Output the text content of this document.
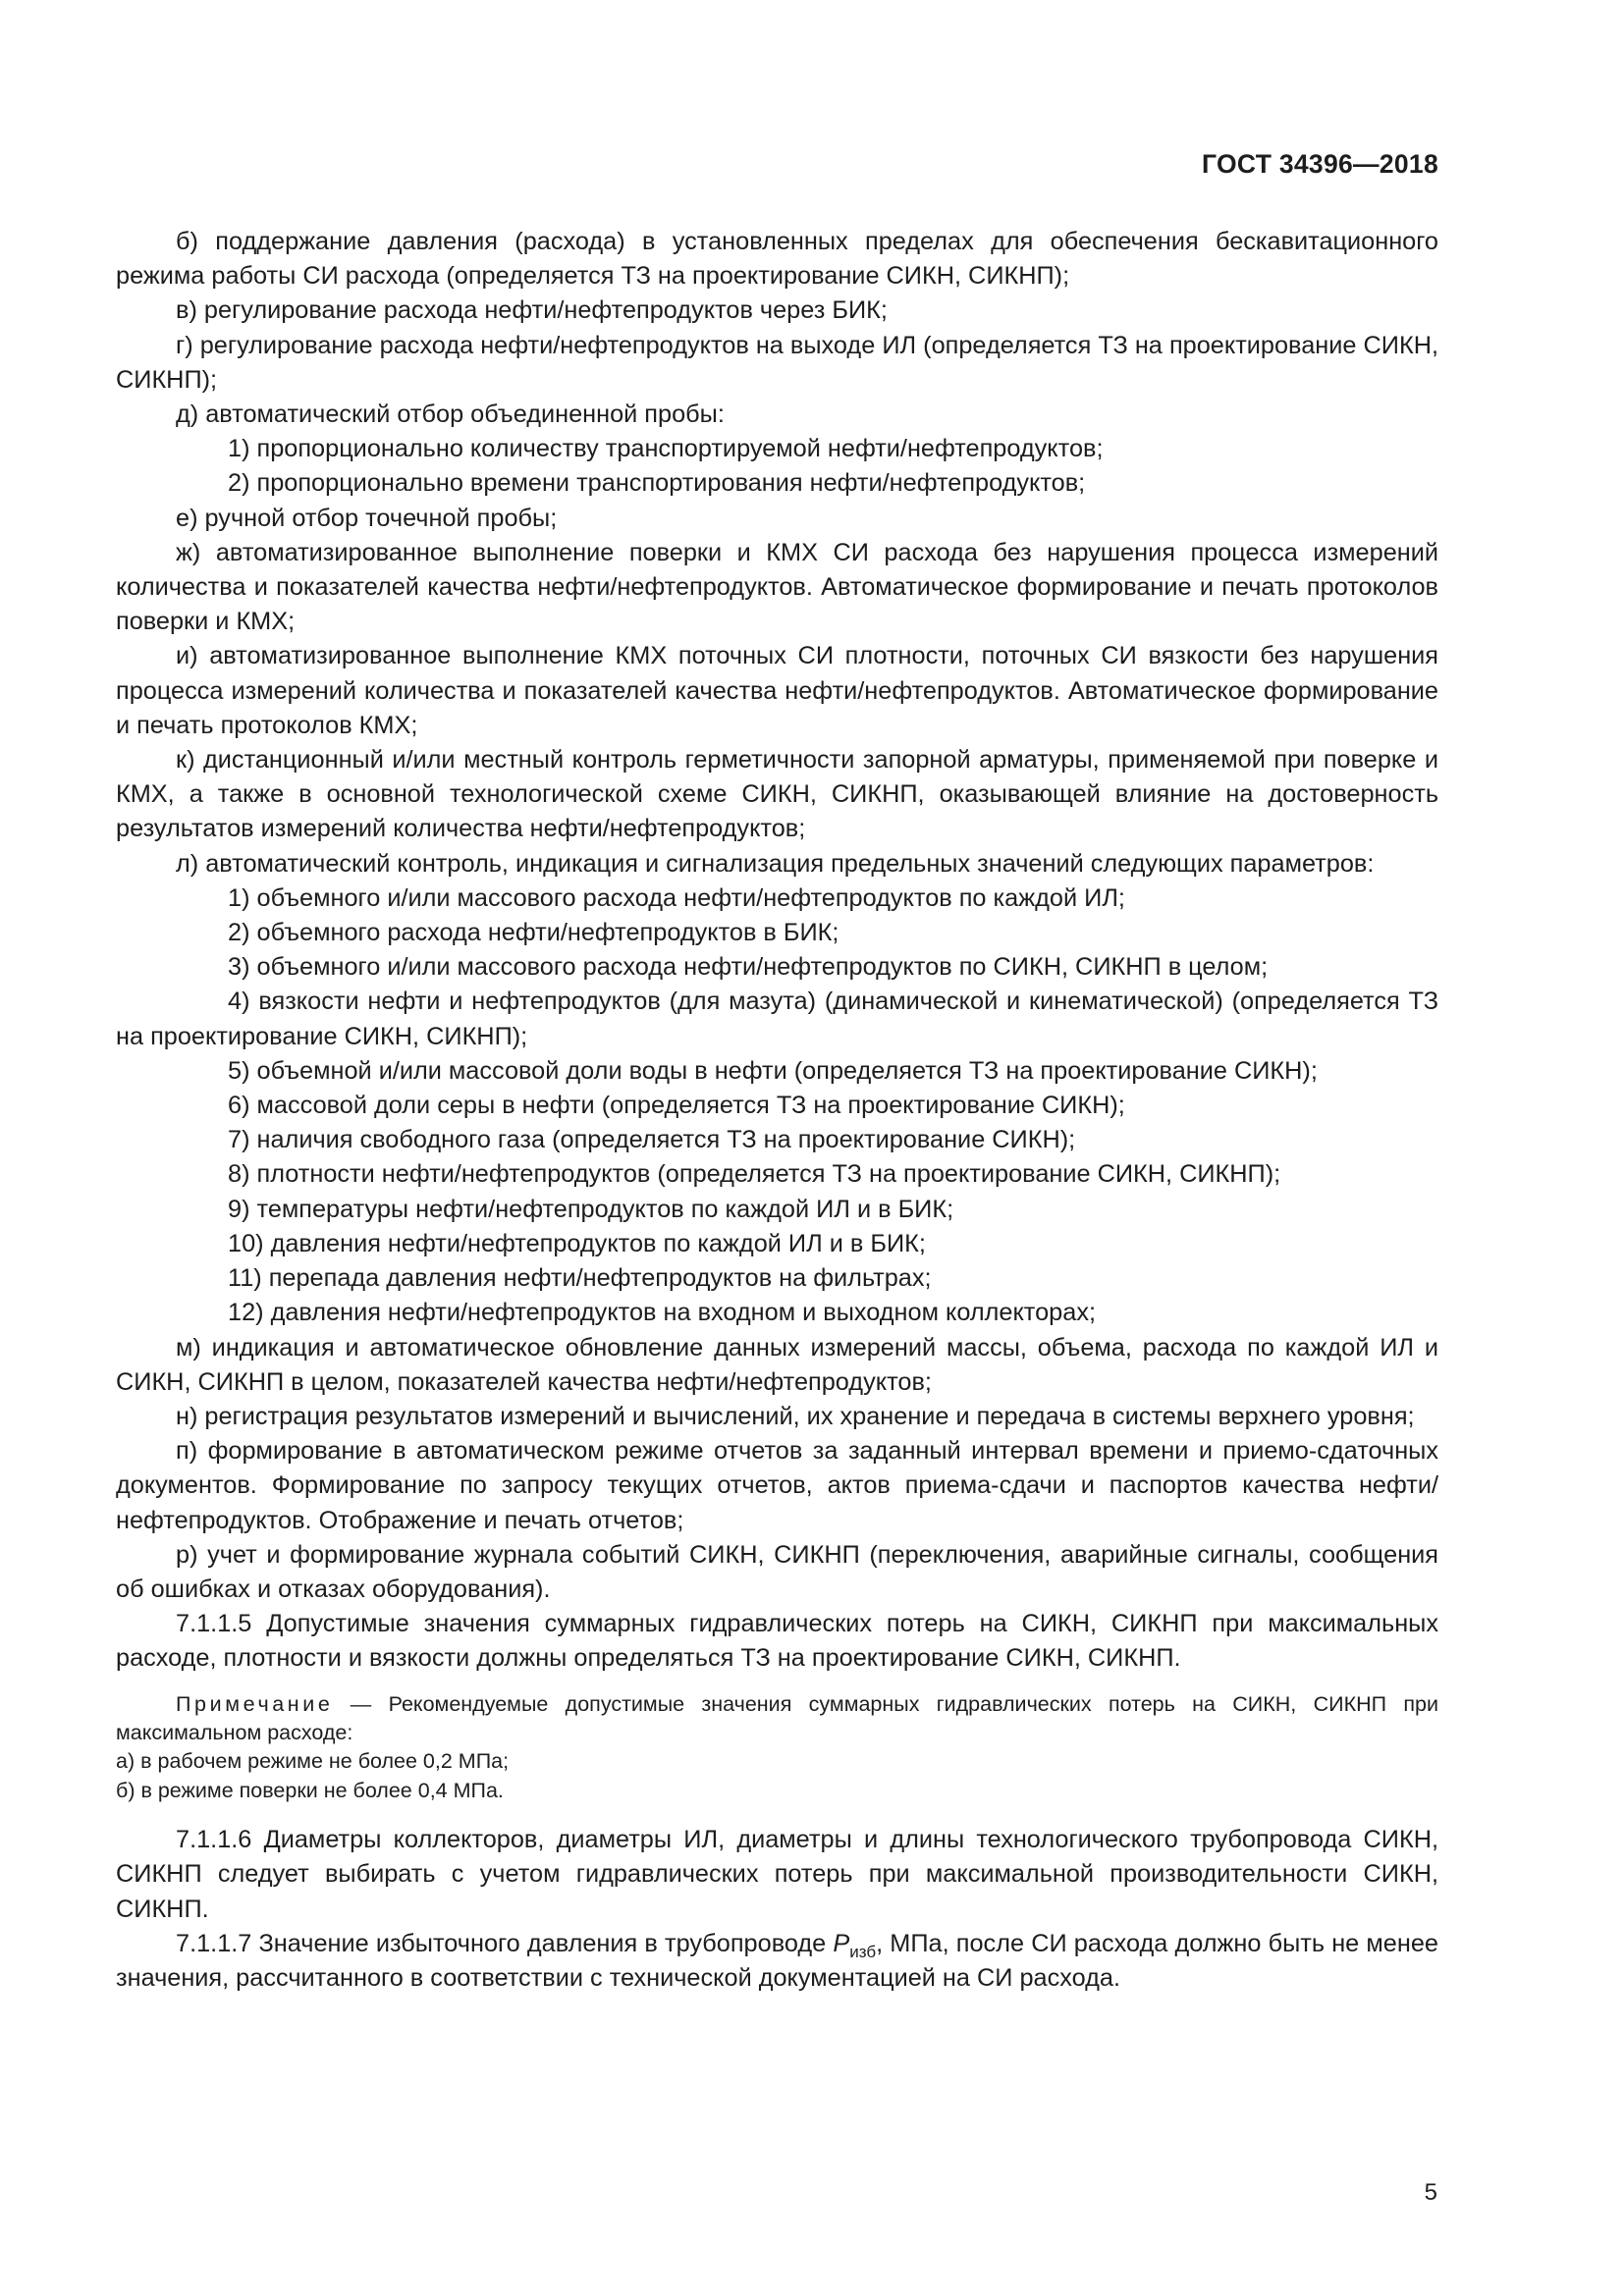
ГОСТ 34396—2018

б) поддержание давления (расхода) в установленных пределах для обеспечения бескавитационного режима работы СИ расхода (определяется ТЗ на проектирование СИКН, СИКНП);

в) регулирование расхода нефти/нефтепродуктов через БИК;

г) регулирование расхода нефти/нефтепродуктов на выходе ИЛ (определяется ТЗ на проектирование СИКН, СИКНП);

д) автоматический отбор объединенной пробы:

1) пропорционально количеству транспортируемой нефти/нефтепродуктов;

2) пропорционально времени транспортирования нефти/нефтепродуктов;

е) ручной отбор точечной пробы;

ж) автоматизированное выполнение поверки и КМХ СИ расхода без нарушения процесса измерений количества и показателей качества нефти/нефтепродуктов. Автоматическое формирование и печать протоколов поверки и КМХ;

и) автоматизированное выполнение КМХ поточных СИ плотности, поточных СИ вязкости без нарушения процесса измерений количества и показателей качества нефти/нефтепродуктов. Автоматическое формирование и печать протоколов КМХ;

к) дистанционный и/или местный контроль герметичности запорной арматуры, применяемой при поверке и КМХ, а также в основной технологической схеме СИКН, СИКНП, оказывающей влияние на достоверность результатов измерений количества нефти/нефтепродуктов;

л) автоматический контроль, индикация и сигнализация предельных значений следующих параметров:

1) объемного и/или массового расхода нефти/нефтепродуктов по каждой ИЛ;

2) объемного расхода нефти/нефтепродуктов в БИК;

3) объемного и/или массового расхода нефти/нефтепродуктов по СИКН, СИКНП в целом;

4) вязкости нефти и нефтепродуктов (для мазута) (динамической и кинематической) (определяется ТЗ на проектирование СИКН, СИКНП);

5) объемной и/или массовой доли воды в нефти (определяется ТЗ на проектирование СИКН);

6) массовой доли серы в нефти (определяется ТЗ на проектирование СИКН);

7) наличия свободного газа (определяется ТЗ на проектирование СИКН);

8) плотности нефти/нефтепродуктов (определяется ТЗ на проектирование СИКН, СИКНП);

9) температуры нефти/нефтепродуктов по каждой ИЛ и в БИК;

10) давления нефти/нефтепродуктов по каждой ИЛ и в БИК;

11) перепада давления нефти/нефтепродуктов на фильтрах;

12) давления нефти/нефтепродуктов на входном и выходном коллекторах;

м) индикация и автоматическое обновление данных измерений массы, объема, расхода по каждой ИЛ и СИКН, СИКНП в целом, показателей качества нефти/нефтепродуктов;

н) регистрация результатов измерений и вычислений, их хранение и передача в системы верхнего уровня;

п) формирование в автоматическом режиме отчетов за заданный интервал времени и приемо-сдаточных документов. Формирование по запросу текущих отчетов, актов приема-сдачи и паспортов качества нефти/нефтепродуктов. Отображение и печать отчетов;

р) учет и формирование журнала событий СИКН, СИКНП (переключения, аварийные сигналы, сообщения об ошибках и отказах оборудования).

7.1.1.5 Допустимые значения суммарных гидравлических потерь на СИКН, СИКНП при максимальных расходе, плотности и вязкости должны определяться ТЗ на проектирование СИКН, СИКНП.

Примечание — Рекомендуемые допустимые значения суммарных гидравлических потерь на СИКН, СИКНП при максимальном расходе:

а) в рабочем режиме не более 0,2 МПа;

б) в режиме поверки не более 0,4 МПа.

7.1.1.6 Диаметры коллекторов, диаметры ИЛ, диаметры и длины технологического трубопровода СИКН, СИКНП следует выбирать с учетом гидравлических потерь при максимальной производительности СИКН, СИКНП.

7.1.1.7 Значение избыточного давления в трубопроводе $P_{изб}$, МПа, после СИ расхода должно быть не менее значения, рассчитанного в соответствии с технической документацией на СИ расхода.

5
